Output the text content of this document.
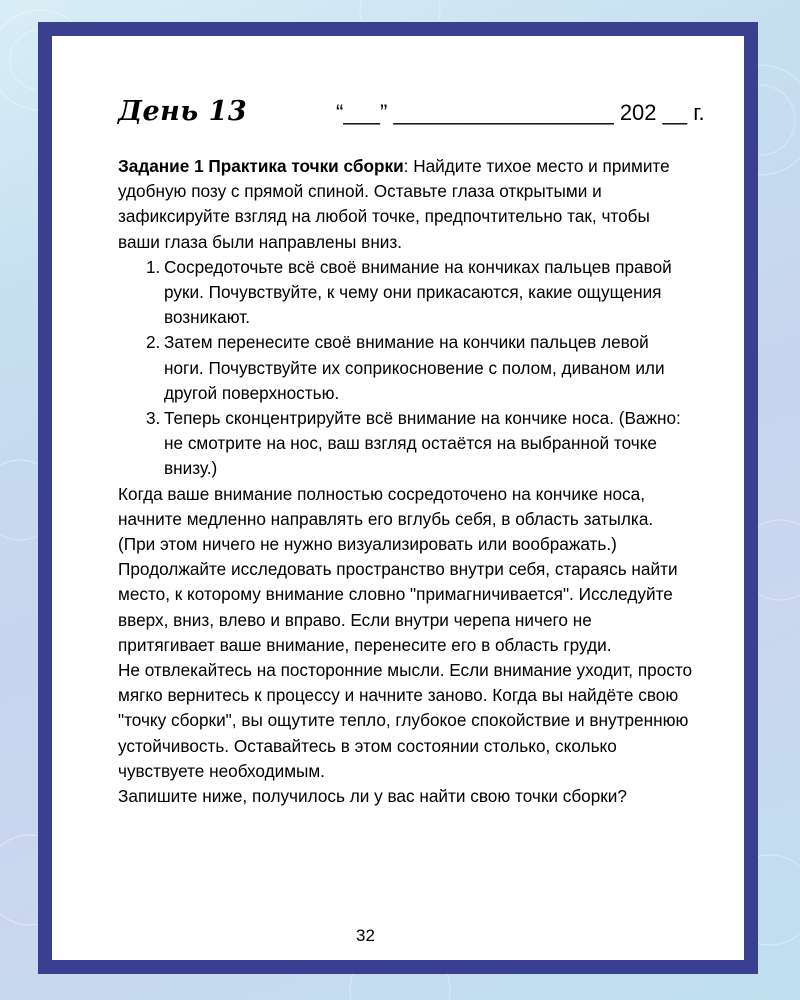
День 13	“___” __________________ 202 __ г.

Задание 1 Практика точки сборки: Найдите тихое место и примите удобную позу с прямой спиной. Оставьте глаза открытыми и зафиксируйте взгляд на любой точке, предпочтительно так, чтобы ваши глаза были направлены вниз.

1. Сосредоточьте всё своё внимание на кончиках пальцев правой руки. Почувствуйте, к чему они прикасаются, какие ощущения возникают.
2. Затем перенесите своё внимание на кончики пальцев левой ноги. Почувствуйте их соприкосновение с полом, диваном или другой поверхностью.
3. Теперь сконцентрируйте всё внимание на кончике носа. (Важно: не смотрите на нос, ваш взгляд остаётся на выбранной точке внизу.)

Когда ваше внимание полностью сосредоточено на кончике носа, начните медленно направлять его вглубь себя, в область затылка. (При этом ничего не нужно визуализировать или воображать.)

Продолжайте исследовать пространство внутри себя, стараясь найти место, к которому внимание словно "примагничивается". Исследуйте вверх, вниз, влево и вправо. Если внутри черепа ничего не притягивает ваше внимание, перенесите его в область груди.

Не отвлекайтесь на посторонние мысли. Если внимание уходит, просто мягко вернитесь к процессу и начните заново. Когда вы найдёте свою "точку сборки", вы ощутите тепло, глубокое спокойствие и внутреннюю устойчивость. Оставайтесь в этом состоянии столько, сколько чувствуете необходимым.

Запишите ниже, получилось ли у вас найти свою точки сборки?

32
